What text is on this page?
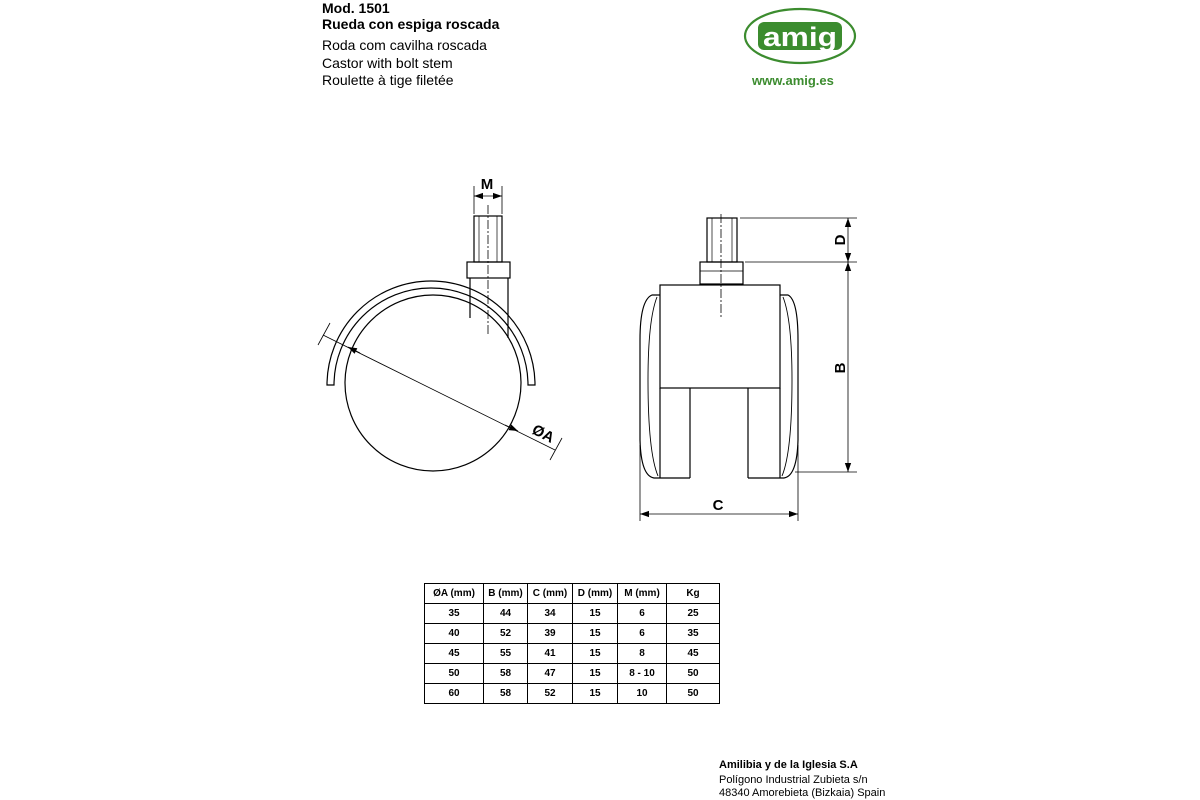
Mod. 1501
Rueda con espiga roscada
Roda com cavilha roscada
Castor with bolt stem
Roulette à tige filetée	www.amig.es
amig
M
ØA
D
B
C
ØA (mm)	B (mm)	C (mm)	D (mm)	M (mm)	Kg
35	44	34	15	6	25
40	52	39	15	6	35
45	55	41	15	8	45
50	58	47	15	8 - 10	50
60	58	52	15	10	50
Amilibia y de la Iglesia S.A
Polígono Industrial Zubieta s/n
48340 Amorebieta (Bizkaia) Spain
